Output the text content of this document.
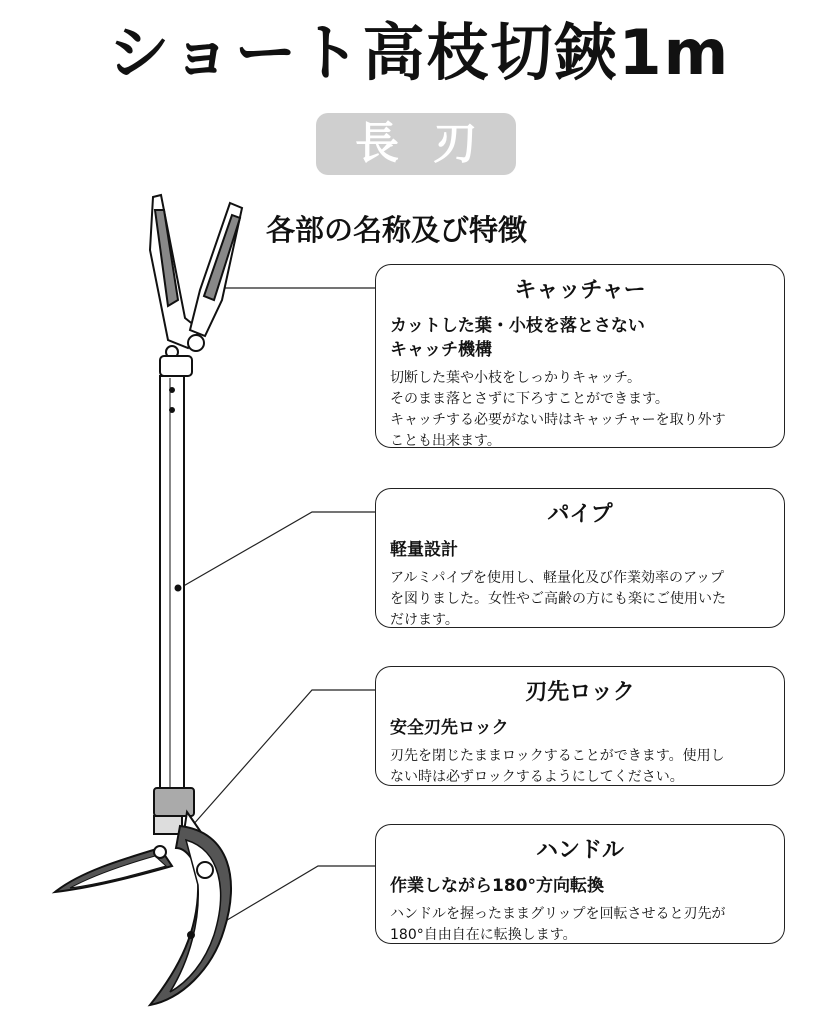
ショート高枝切鋏1m
長刃
各部の名称及び特徴
キャッチャー
カットした葉・小枝を落とさない
キャッチ機構
切断した葉や小枝をしっかりキャッチ。
そのまま落とさずに下ろすことができます。
キャッチする必要がない時はキャッチャーを取り外す
ことも出来ます。
パイプ
軽量設計
アルミパイプを使用し、軽量化及び作業効率のアップ
を図りました。女性やご高齢の方にも楽にご使用いた
だけます。
刃先ロック
安全刃先ロック
刃先を閉じたままロックすることができます。使用し
ない時は必ずロックするようにしてください。
ハンドル
作業しながら180°方向転換
ハンドルを握ったままグリップを回転させると刃先が
180°自由自在に転換します。
